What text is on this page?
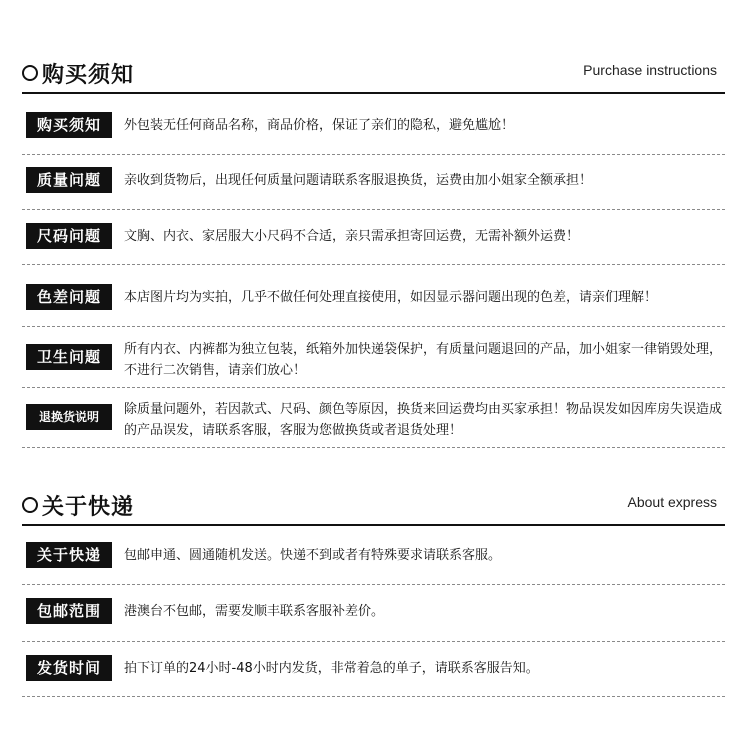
购买须知	Purchase instructions
购买须知	外包装无任何商品名称，商品价格，保证了亲们的隐私，避免尴尬！
质量问题	亲收到货物后，出现任何质量问题请联系客服退换货，运费由加小姐家全额承担！
尺码问题	文胸、内衣、家居服大小尺码不合适，亲只需承担寄回运费，无需补额外运费！
色差问题	本店图片均为实拍，几乎不做任何处理直接使用，如因显示器问题出现的色差，请亲们理解！
卫生问题	所有内衣、内裤都为独立包装，纸箱外加快递袋保护，有质量问题退回的产品，加小姐家一律销毁处理，不进行二次销售，请亲们放心！
退换货说明	除质量问题外，若因款式、尺码、颜色等原因，换货来回运费均由买家承担！物品误发如因库房失误造成的产品误发，请联系客服，客服为您做换货或者退货处理！
关于快递	About express
关于快递	包邮申通、圆通随机发送。快递不到或者有特殊要求请联系客服。
包邮范围	港澳台不包邮，需要发顺丰联系客服补差价。
发货时间	拍下订单的24小时-48小时内发货，非常着急的单子，请联系客服告知。
